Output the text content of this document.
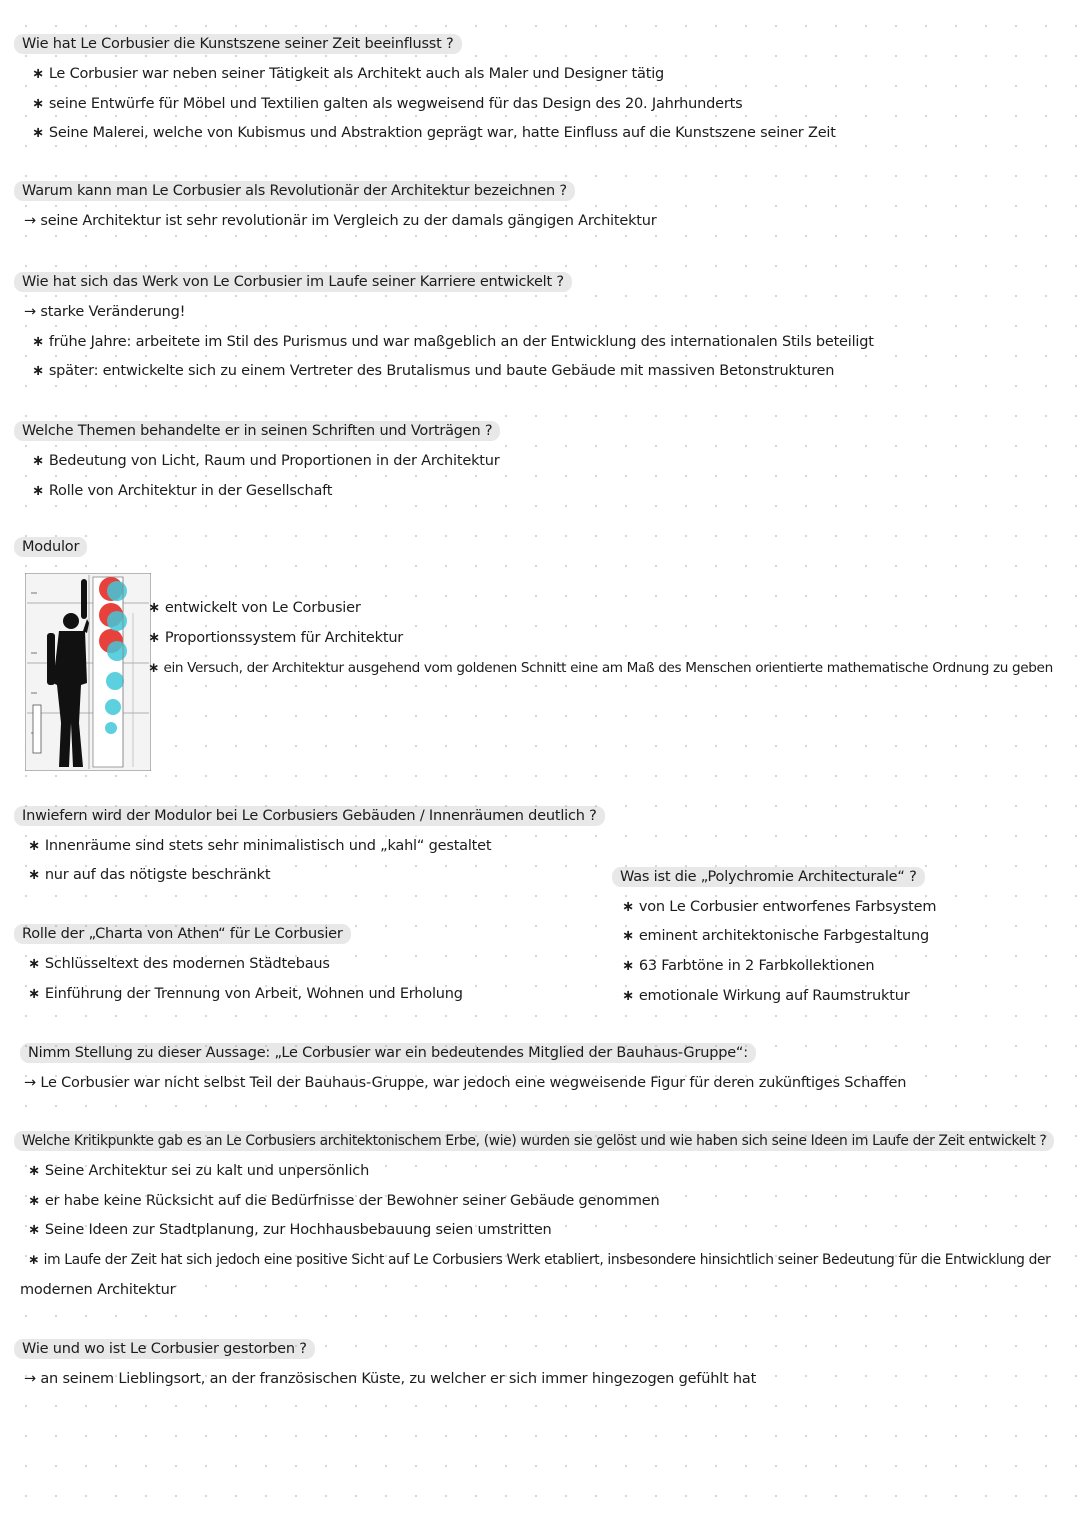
Wie hat Le Corbusier die Kunstszene seiner Zeit beeinflusst ?
∗ Le Corbusier war neben seiner Tätigkeit als Architekt auch als Maler und Designer tätig
∗ seine Entwürfe für Möbel und Textilien galten als wegweisend für das Design des 20. Jahrhunderts
∗ Seine Malerei, welche von Kubismus und Abstraktion geprägt war, hatte Einfluss auf die Kunstszene seiner Zeit
Warum kann man Le Corbusier als Revolutionär der Architektur bezeichnen ?
→ seine Architektur ist sehr revolutionär im Vergleich zu der damals gängigen Architektur
Wie hat sich das Werk von Le Corbusier im Laufe seiner Karriere entwickelt ?
→ starke Veränderung!
∗ frühe Jahre: arbeitete im Stil des Purismus und war maßgeblich an der Entwicklung des internationalen Stils beteiligt
∗ später: entwickelte sich zu einem Vertreter des Brutalismus und baute Gebäude mit massiven Betonstrukturen
Welche Themen behandelte er in seinen Schriften und Vorträgen ?
∗ Bedeutung von Licht, Raum und Proportionen in der Architektur
∗ Rolle von Architektur in der Gesellschaft
Modulor
∗ entwickelt von Le Corbusier
∗ Proportionssystem für Architektur
∗ ein Versuch, der Architektur ausgehend vom goldenen Schnitt eine am Maß des Menschen orientierte mathematische Ordnung zu geben
Inwiefern wird der Modulor bei Le Corbusiers Gebäuden / Innenräumen deutlich ?
∗ Innenräume sind stets sehr minimalistisch und „kahl“ gestaltet
∗ nur auf das nötigste beschränkt
Rolle der „Charta von Athen“ für Le Corbusier
∗ Schlüsseltext des modernen Städtebaus
∗ Einführung der Trennung von Arbeit, Wohnen und Erholung
Was ist die „Polychromie Architecturale“ ?
∗ von Le Corbusier entworfenes Farbsystem
∗ eminent architektonische Farbgestaltung
∗ 63 Farbtöne in 2 Farbkollektionen
∗ emotionale Wirkung auf Raumstruktur
Nimm Stellung zu dieser Aussage: „Le Corbusier war ein bedeutendes Mitglied der Bauhaus-Gruppe“:
→ Le Corbusier war nicht selbst Teil der Bauhaus-Gruppe, war jedoch eine wegweisende Figur für deren zukünftiges Schaffen
Welche Kritikpunkte gab es an Le Corbusiers architektonischem Erbe, (wie) wurden sie gelöst und wie haben sich seine Ideen im Laufe der Zeit entwickelt ?
∗ Seine Architektur sei zu kalt und unpersönlich
∗ er habe keine Rücksicht auf die Bedürfnisse der Bewohner seiner Gebäude genommen
∗ Seine Ideen zur Stadtplanung, zur Hochhausbebauung seien umstritten
∗ im Laufe der Zeit hat sich jedoch eine positive Sicht auf Le Corbusiers Werk etabliert, insbesondere hinsichtlich seiner Bedeutung für die Entwicklung der
modernen Architektur
Wie und wo ist Le Corbusier gestorben ?
→ an seinem Lieblingsort, an der französischen Küste, zu welcher er sich immer hingezogen gefühlt hat
